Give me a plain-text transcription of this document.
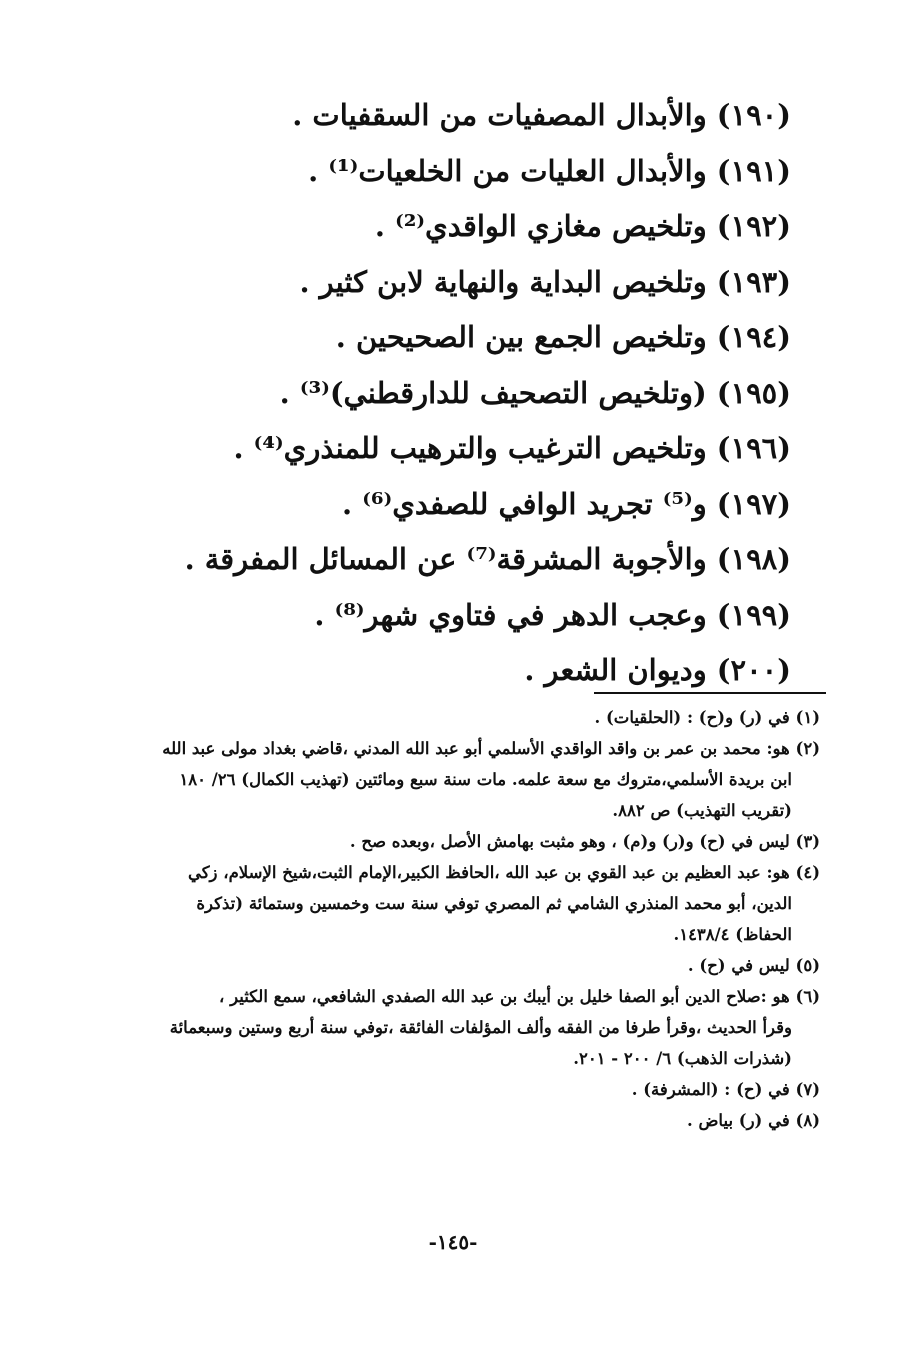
(١٩٠) والأبدال المصفيات من السقفيات .
(١٩١) والأبدال العليات من الخلعيات⁽¹⁾ .
(١٩٢) وتلخيص مغازي الواقدي⁽²⁾ .
(١٩٣) وتلخيص البداية والنهاية لابن كثير .
(١٩٤) وتلخيص الجمع بين الصحيحين .
(١٩٥) (وتلخيص التصحيف للدارقطني)⁽³⁾ .
(١٩٦) وتلخيص الترغيب والترهيب للمنذري⁽⁴⁾ .
(١٩٧) و⁽⁵⁾ تجريد الوافي للصفدي⁽⁶⁾ .
(١٩٨) والأجوبة المشرقة⁽⁷⁾ عن المسائل المفرقة .
(١٩٩) وعجب الدهر في فتاوي شهر⁽⁸⁾ .
(٢٠٠) وديوان الشعر .
(١) في (ر) و(ح) : (الحلقيات) .
(٢) هو: محمد بن عمر بن واقد الواقدي الأسلمي أبو عبد الله المدني ،قاضي بغداد مولى عبد الله
ابن بريدة الأسلمي،متروك مع سعة علمه. مات سنة سبع ومائتين (تهذيب الكمال) ٢٦/ ١٨٠
(تقريب التهذيب) ص ٨٨٢.
(٣) ليس في (ح) و(ر) و(م) ، وهو مثبت بهامش الأصل ،وبعده صح .
(٤) هو: عبد العظيم بن عبد القوي بن عبد الله ،الحافظ الكبير،الإمام الثبت،شيخ الإسلام، زكي
الدين، أبو محمد المنذري الشامي ثم المصري توفي سنة ست وخمسين وستمائة (تذكرة
الحفاظ) ١٤٣٨/٤.
(٥) ليس في (ح) .
(٦) هو :صلاح الدين أبو الصفا خليل بن أيبك بن عبد الله الصفدي الشافعي، سمع الكثير ،
وقرأ الحديث ،وقرأ طرفا من الفقه وألف المؤلفات الفائقة ،توفي سنة أربع وستين وسبعمائة
(شذرات الذهب) ٦/ ٢٠٠ - ٢٠١.
(٧) في (ح) : (المشرفة) .
(٨) في (ر) بياض .
-١٤٥-
